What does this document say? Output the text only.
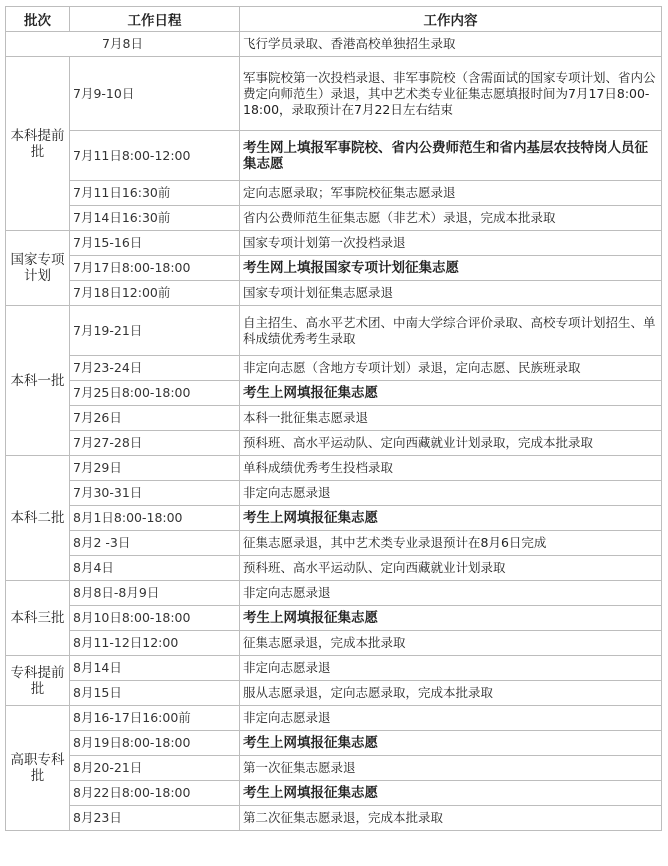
批次	工作日程	工作内容
7月8日		飞行学员录取、香港高校单独招生录取
本科提前批	7月9-10日	军事院校第一次投档录退、非军事院校（含需面试的国家专项计划、省内公费定向师范生）录退，其中艺术类专业征集志愿填报时间为7月17日8:00-18:00，录取预计在7月22日左右结束
	7月11日8:00-12:00	考生网上填报军事院校、省内公费师范生和省内基层农技特岗人员征集志愿
	7月11日16:30前	定向志愿录取；军事院校征集志愿录退
	7月14日16:30前	省内公费师范生征集志愿（非艺术）录退，完成本批录取
国家专项计划	7月15-16日	国家专项计划第一次投档录退
	7月17日8:00-18:00	考生网上填报国家专项计划征集志愿
	7月18日12:00前	国家专项计划征集志愿录退
本科一批	7月19-21日	自主招生、高水平艺术团、中南大学综合评价录取、高校专项计划招生、单科成绩优秀考生录取
	7月23-24日	非定向志愿（含地方专项计划）录退，定向志愿、民族班录取
	7月25日8:00-18:00	考生上网填报征集志愿
	7月26日	本科一批征集志愿录退
	7月27-28日	预科班、高水平运动队、定向西藏就业计划录取，完成本批录取
本科二批	7月29日	单科成绩优秀考生投档录取
	7月30-31日	非定向志愿录退
	8月1日8:00-18:00	考生上网填报征集志愿
	8月2 -3日	征集志愿录退，其中艺术类专业录退预计在8月6日完成
	8月4日	预科班、高水平运动队、定向西藏就业计划录取
本科三批	8月8日-8月9日	非定向志愿录退
	8月10日8:00-18:00	考生上网填报征集志愿
	8月11-12日12:00	征集志愿录退，完成本批录取
专科提前批	8月14日	非定向志愿录退
	8月15日	服从志愿录退，定向志愿录取，完成本批录取
高职专科批	8月16-17日16:00前	非定向志愿录退
	8月19日8:00-18:00	考生上网填报征集志愿
	8月20-21日	第一次征集志愿录退
	8月22日8:00-18:00	考生上网填报征集志愿
	8月23日	第二次征集志愿录退，完成本批录取
